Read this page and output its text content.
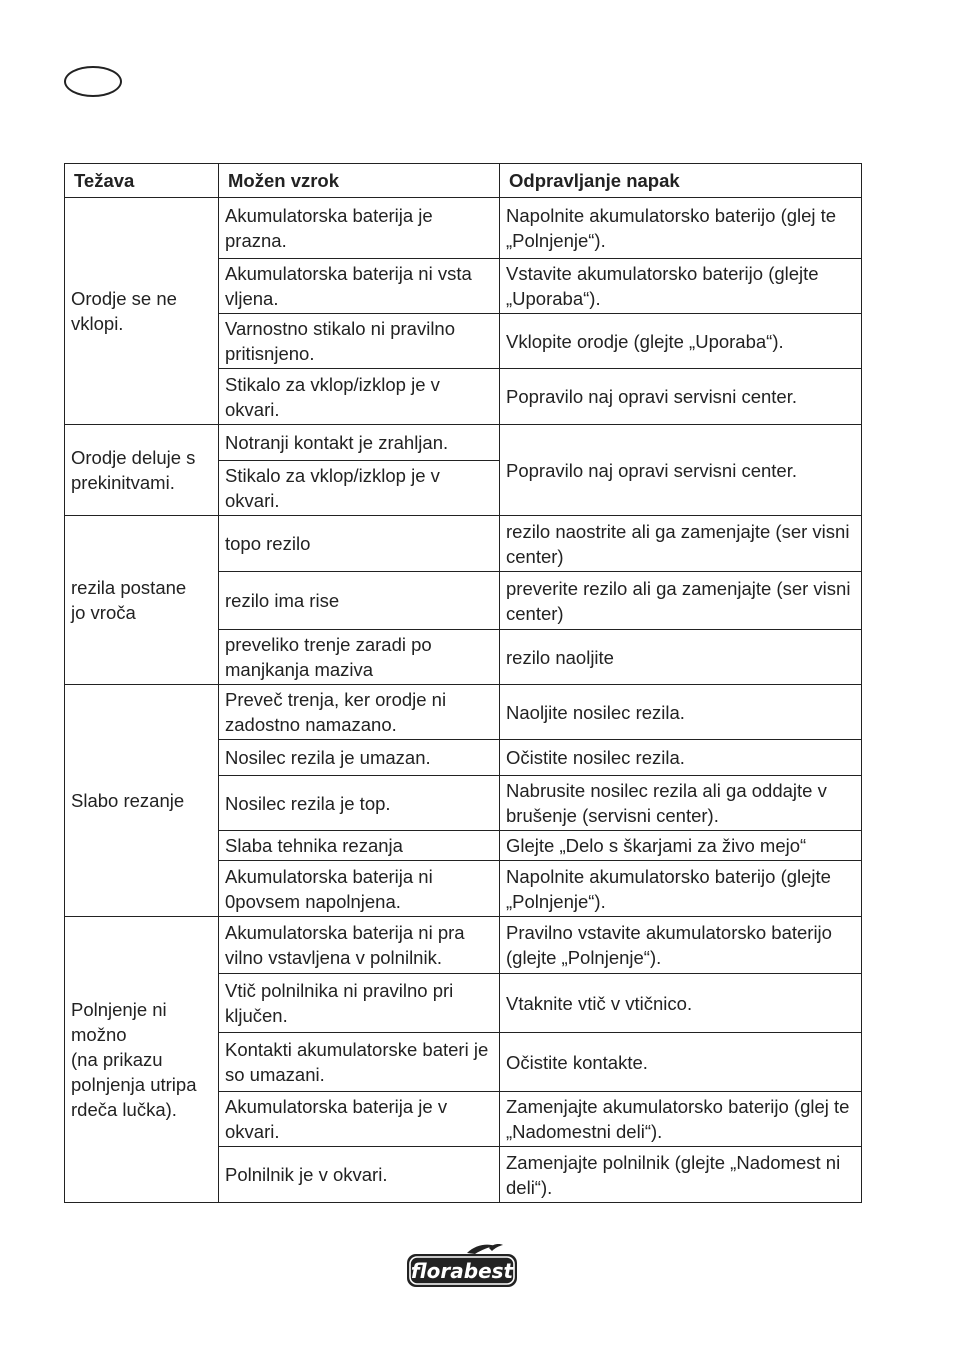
Težava	Možen vzrok	Odpravljanje napak
Orodje se ne
vklopi.	Akumulatorska baterija je prazna.	Napolnite akumulatorsko baterijo (glej te „Polnjenje“).
	Akumulatorska baterija ni vsta vljena.	Vstavite akumulatorsko baterijo (glejte „Uporaba“).
	Varnostno stikalo ni pravilno pritisnjeno.	Vklopite orodje (glejte „Uporaba“).
	Stikalo za vklop/izklop je v okvari.	Popravilo naj opravi servisni center.
Orodje deluje s
prekinitvami.	Notranji kontakt je zrahljan.	Popravilo naj opravi servisni center.
	Stikalo za vklop/izklop je v okvari.	
rezila postane
jo vroča	topo rezilo	rezilo naostrite ali ga zamenjajte (ser visni center)
	rezilo ima rise	preverite rezilo ali ga zamenjajte (ser visni center)
	preveliko trenje zaradi po manjkanja maziva	rezilo naoljite
Slabo rezanje	Preveč trenja, ker orodje ni zadostno namazano.	Naoljite nosilec rezila.
	Nosilec rezila je umazan.	Očistite nosilec rezila.
	Nosilec rezila je top.	Nabrusite nosilec rezila ali ga oddajte v brušenje (servisni center).
	Slaba tehnika rezanja	Glejte „Delo s škarjami za živo mejo“
	Akumulatorska baterija ni 0povsem napolnjena.	Napolnite akumulatorsko baterijo (glejte „Polnjenje“).
Polnjenje ni
možno
(na prikazu
polnjenja utripa
rdeča lučka).	Akumulatorska baterija ni pra vilno vstavljena v polnilnik.	Pravilno vstavite akumulatorsko baterijo (glejte „Polnjenje“).
	Vtič polnilnika ni pravilno pri ključen.	Vtaknite vtič v vtičnico.
	Kontakti akumulatorske bateri je so umazani.	Očistite kontakte.
	Akumulatorska baterija je v okvari.	Zamenjajte akumulatorsko baterijo (glej te „Nadomestni deli“).
	Polnilnik je v okvari.	Zamenjajte polnilnik (glejte „Nadomest ni deli“).
florabest
